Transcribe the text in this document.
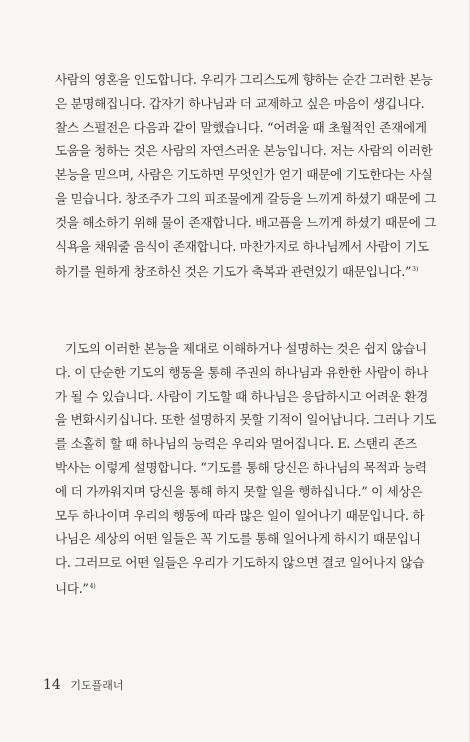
사람의 영혼을 인도합니다. 우리가 그리스도께 향하는 순간 그러한 본능
은 분명해집니다. 갑자기 하나님과 더 교제하고 싶은 마음이 생깁니다.
찰스 스펄전은 다음과 같이 말했습니다. “어려울 때 초월적인 존재에게
도움을 청하는 것은 사람의 자연스러운 본능입니다. 저는 사람의 이러한
본능을 믿으며, 사람은 기도하면 무엇인가 얻기 때문에 기도한다는 사실
을 믿습니다. 창조주가 그의 피조물에게 갈등을 느끼게 하셨기 때문에 그
것을 해소하기 위해 물이 존재합니다. 배고픔을 느끼게 하셨기 때문에 그
식욕을 채워줄 음식이 존재합니다. 마찬가지로 하나님께서 사람이 기도
하기를 원하게 창조하신 것은 기도가 축복과 관련있기 때문입니다.”$^{3)}$

기도의 이러한 본능을 제대로 이해하거나 설명하는 것은 쉽지 않습니
다. 이 단순한 기도의 행동을 통해 주권의 하나님과 유한한 사람이 하나
가 될 수 있습니다. 사람이 기도할 때 하나님은 응답하시고 어려운 환경
을 변화시키십니다. 또한 설명하지 못할 기적이 일어납니다. 그러나 기도
를 소홀히 할 때 하나님의 능력은 우리와 멀어집니다. E. 스탠리 존즈
박사는 이렇게 설명합니다. “기도를 통해 당신은 하나님의 목적과 능력
에 더 가까워지며 당신을 통해 하지 못할 일을 행하십니다.” 이 세상은
모두 하나이며 우리의 행동에 따라 많은 일이 일어나기 때문입니다. 하
나님은 세상의 어떤 일들은 꼭 기도를 통해 일어나게 하시기 때문입니
다. 그러므로 어떤 일들은 우리가 기도하지 않으면 결코 일어나지 않습
니다.”$^{4)}$

14 기도플래너
